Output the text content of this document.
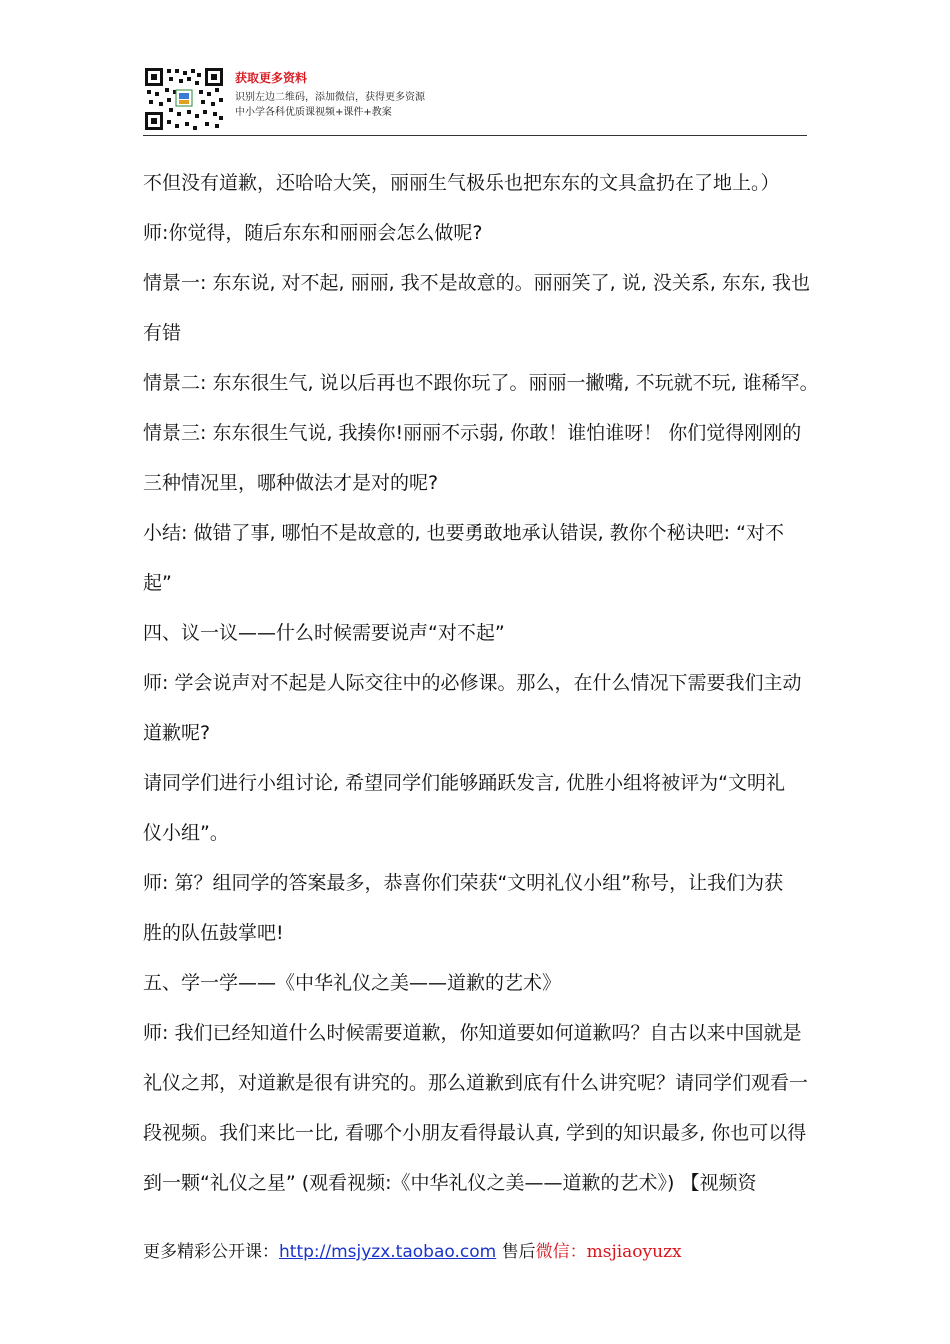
获取更多资料
识别左边二维码，添加微信，获得更多资源
中小学各科优质课视频+课件+教案

不但没有道歉，还哈哈大笑，丽丽生气极乐也把东东的文具盒扔在了地上。）

师:你觉得，随后东东和丽丽会怎么做呢?

情景一: 东东说, 对不起, 丽丽, 我不是故意的。丽丽笑了, 说, 没关系, 东东, 我也

有错

情景二: 东东很生气, 说以后再也不跟你玩了。丽丽一撇嘴, 不玩就不玩, 谁稀罕。

情景三: 东东很生气说, 我揍你!丽丽不示弱, 你敢！谁怕谁呀！ 你们觉得刚刚的

三种情况里，哪种做法才是对的呢?

小结: 做错了事, 哪怕不是故意的, 也要勇敢地承认错误, 教你个秘诀吧: “对不

起”

四、议一议——什么时候需要说声“对不起”

师: 学会说声对不起是人际交往中的必修课。那么，在什么情况下需要我们主动

道歉呢?

请同学们进行小组讨论, 希望同学们能够踊跃发言, 优胜小组将被评为“文明礼

仪小组”。

师: 第？组同学的答案最多，恭喜你们荣获“文明礼仪小组”称号，让我们为获

胜的队伍鼓掌吧!

五、学一学——《中华礼仪之美——道歉的艺术》

师: 我们已经知道什么时候需要道歉，你知道要如何道歉吗？自古以来中国就是

礼仪之邦，对道歉是很有讲究的。那么道歉到底有什么讲究呢？请同学们观看一

段视频。我们来比一比, 看哪个小朋友看得最认真, 学到的知识最多, 你也可以得

到一颗“礼仪之星” (观看视频:《中华礼仪之美——道歉的艺术》) 【视频资

更多精彩公开课：http://msjyzx.taobao.com 售后微信：msjiaoyuzx
